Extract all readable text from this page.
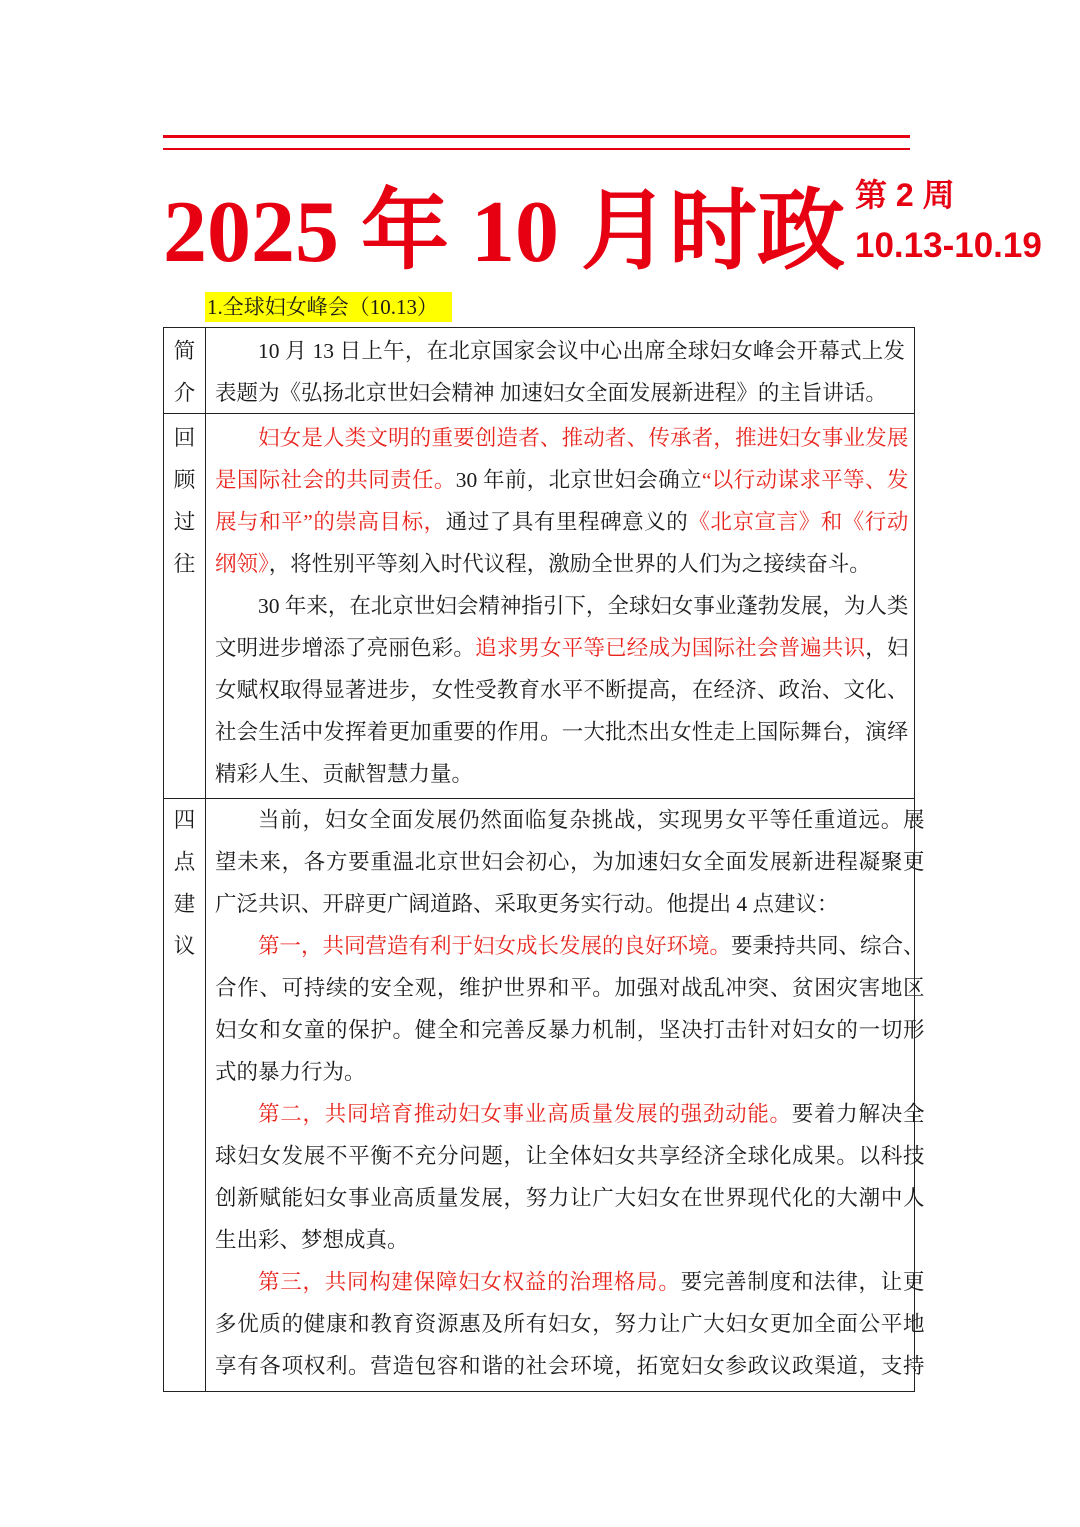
2025 年 10 月时政 第 2 周
10.13-10.19
1.全球妇女峰会（10.13）
简
介
10 月 13 日上午，在北京国家会议中心出席全球妇女峰会开幕式上发
表题为《弘扬北京世妇会精神 加速妇女全面发展新进程》的主旨讲话。
回
顾
过
往
妇女是人类文明的重要创造者、推动者、传承者，推进妇女事业发展
是国际社会的共同责任。30 年前，北京世妇会确立“以行动谋求平等、发
展与和平”的崇高目标，通过了具有里程碑意义的《北京宣言》和《行动
纲领》，将性别平等刻入时代议程，激励全世界的人们为之接续奋斗。
30 年来，在北京世妇会精神指引下，全球妇女事业蓬勃发展，为人类
文明进步增添了亮丽色彩。追求男女平等已经成为国际社会普遍共识，妇
女赋权取得显著进步，女性受教育水平不断提高，在经济、政治、文化、
社会生活中发挥着更加重要的作用。一大批杰出女性走上国际舞台，演绎
精彩人生、贡献智慧力量。
四
点
建
议
当前，妇女全面发展仍然面临复杂挑战，实现男女平等任重道远。展
望未来，各方要重温北京世妇会初心，为加速妇女全面发展新进程凝聚更
广泛共识、开辟更广阔道路、采取更务实行动。他提出 4 点建议：
第一，共同营造有利于妇女成长发展的良好环境。要秉持共同、综合、
合作、可持续的安全观，维护世界和平。加强对战乱冲突、贫困灾害地区
妇女和女童的保护。健全和完善反暴力机制，坚决打击针对妇女的一切形
式的暴力行为。
第二，共同培育推动妇女事业高质量发展的强劲动能。要着力解决全
球妇女发展不平衡不充分问题，让全体妇女共享经济全球化成果。以科技
创新赋能妇女事业高质量发展，努力让广大妇女在世界现代化的大潮中人
生出彩、梦想成真。
第三，共同构建保障妇女权益的治理格局。要完善制度和法律，让更
多优质的健康和教育资源惠及所有妇女，努力让广大妇女更加全面公平地
享有各项权利。营造包容和谐的社会环境，拓宽妇女参政议政渠道，支持
